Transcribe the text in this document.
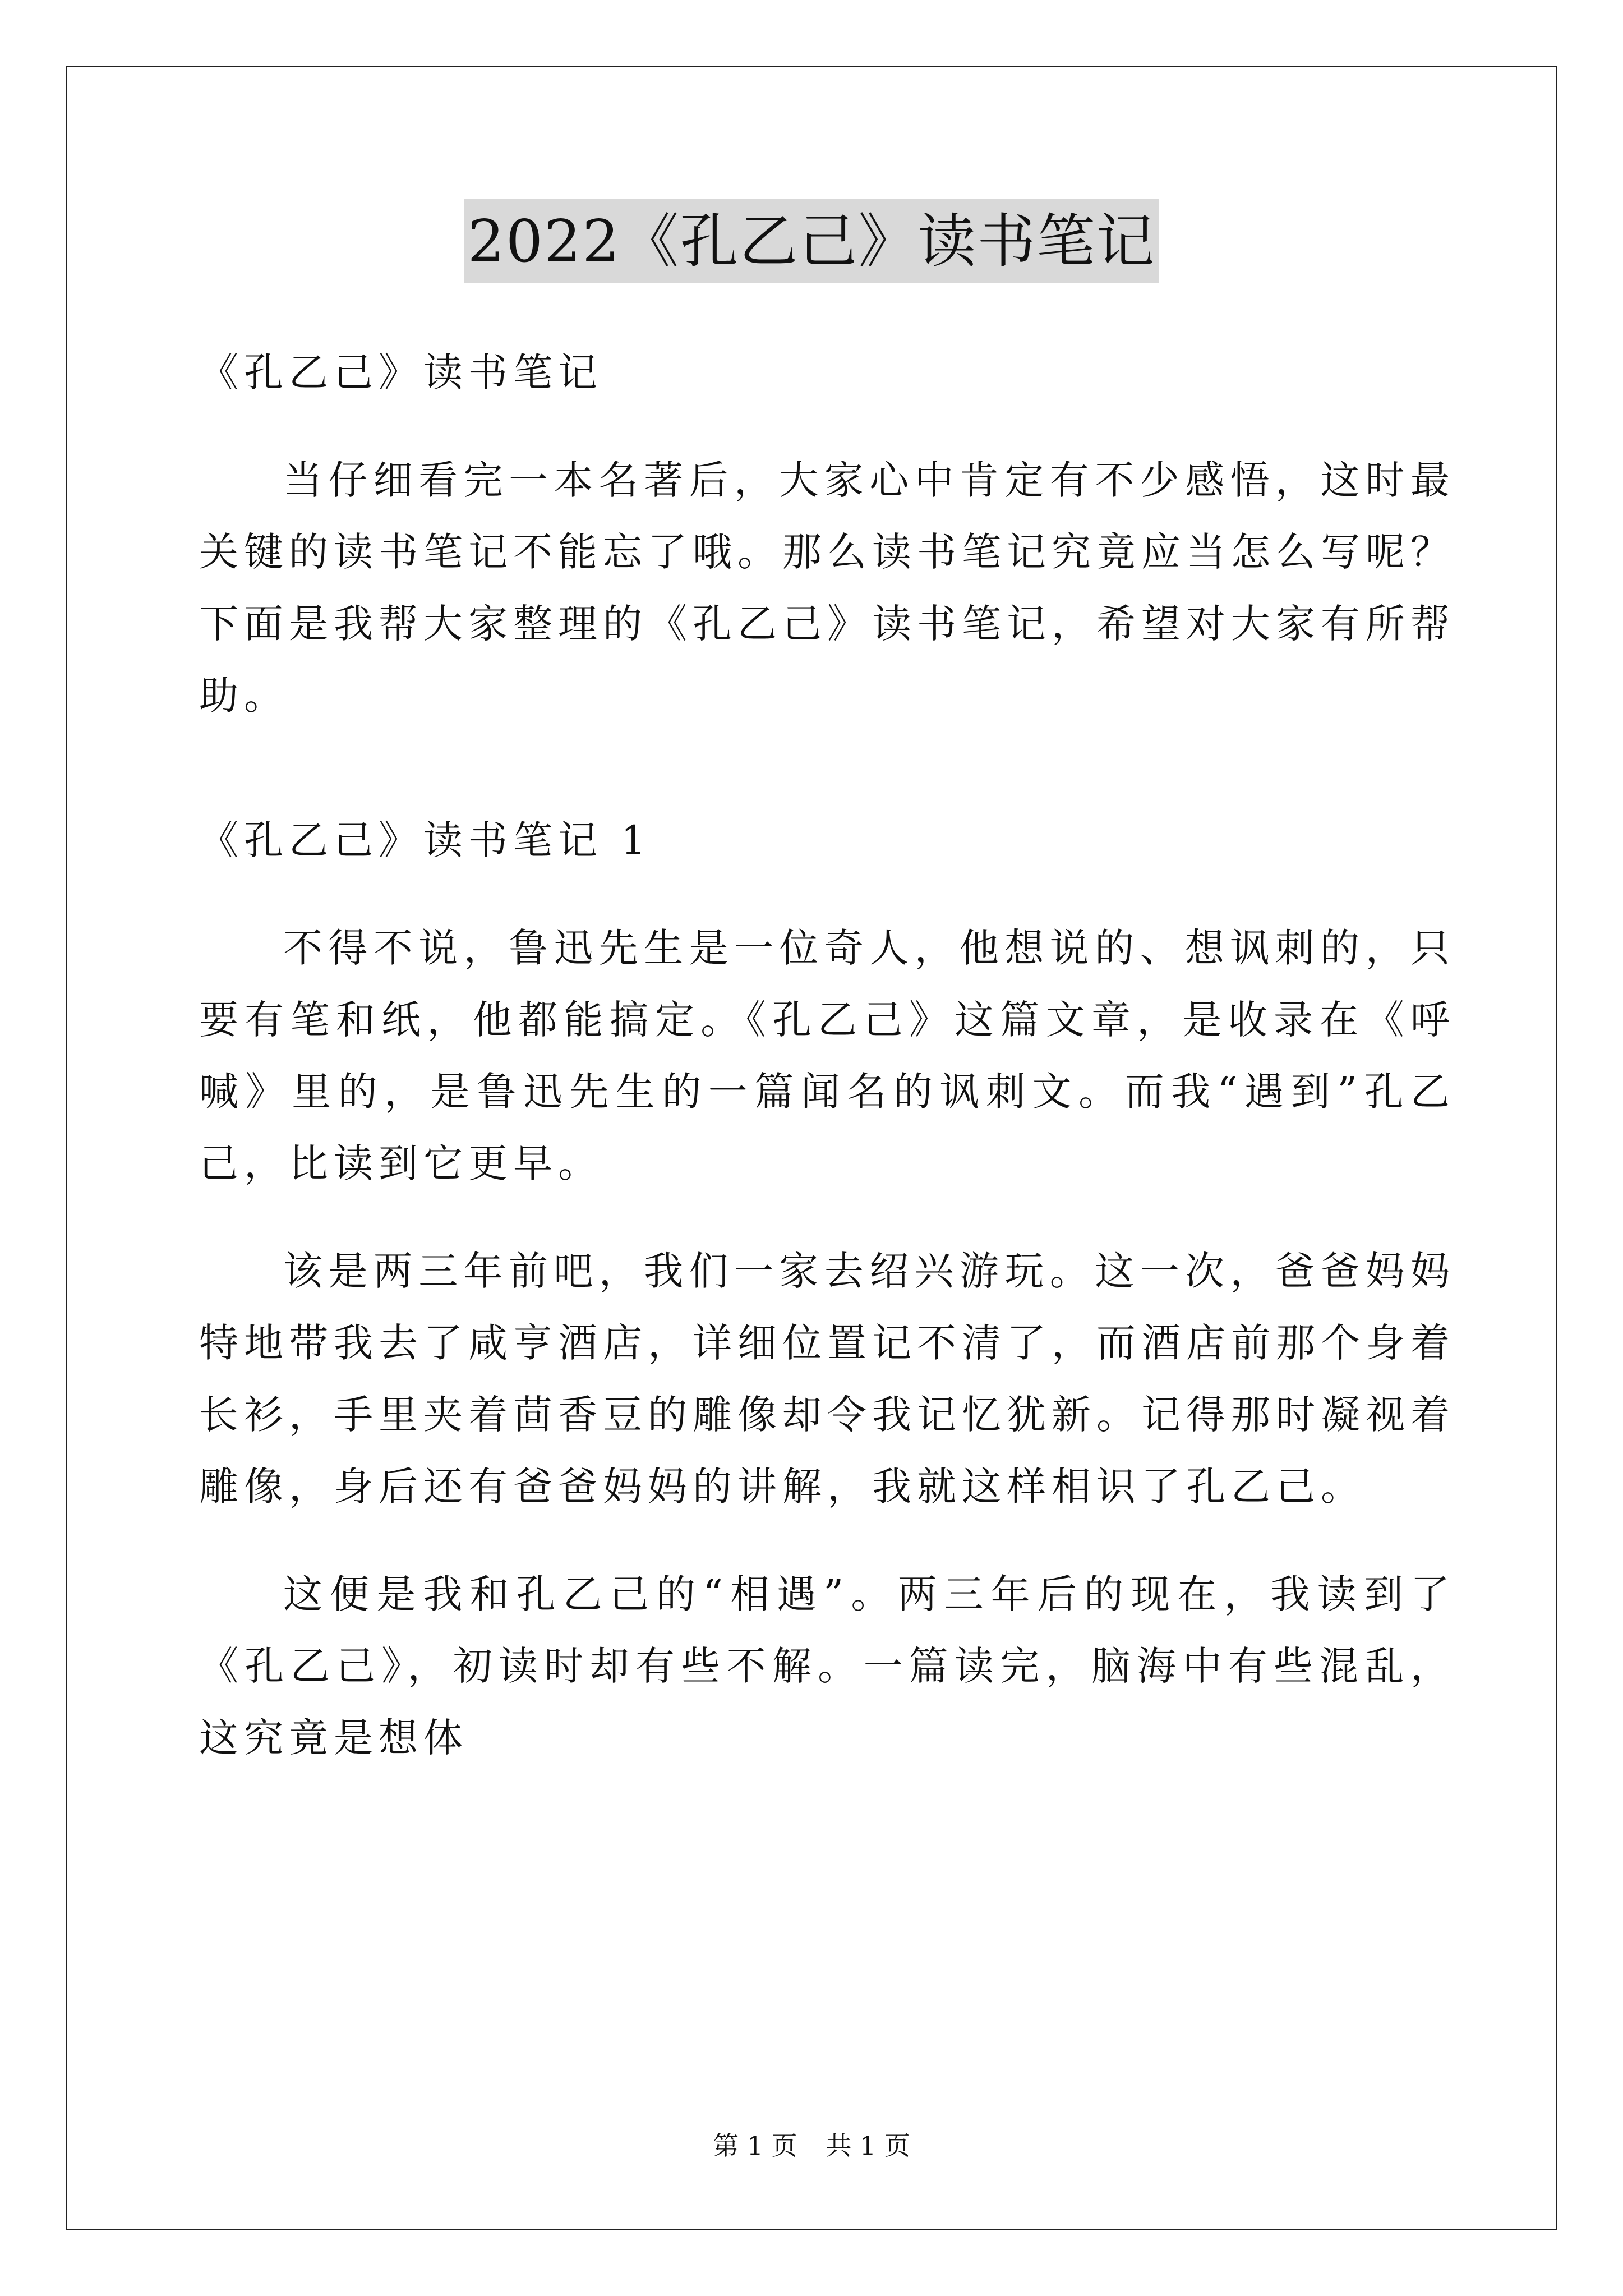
2022《孔乙己》读书笔记

《孔乙己》读书笔记

当仔细看完一本名著后，大家心中肯定有不少感悟，这时最关键的读书笔记不能忘了哦。那么读书笔记究竟应当怎么写呢？下面是我帮大家整理的《孔乙己》读书笔记，希望对大家有所帮助。

《孔乙己》读书笔记 1

不得不说，鲁迅先生是一位奇人，他想说的、想讽刺的，只要有笔和纸，他都能搞定。《孔乙己》这篇文章，是收录在《呼喊》里的，是鲁迅先生的一篇闻名的讽刺文。而我“遇到”孔乙己，比读到它更早。

该是两三年前吧，我们一家去绍兴游玩。这一次，爸爸妈妈特地带我去了咸亨酒店，详细位置记不清了，而酒店前那个身着长衫，手里夹着茴香豆的雕像却令我记忆犹新。记得那时凝视着雕像，身后还有爸爸妈妈的讲解，我就这样相识了孔乙己。

这便是我和孔乙己的“相遇”。两三年后的现在，我读到了《孔乙己》，初读时却有些不解。一篇读完，脑海中有些混乱，这究竟是想体

第 1 页 共 1 页
